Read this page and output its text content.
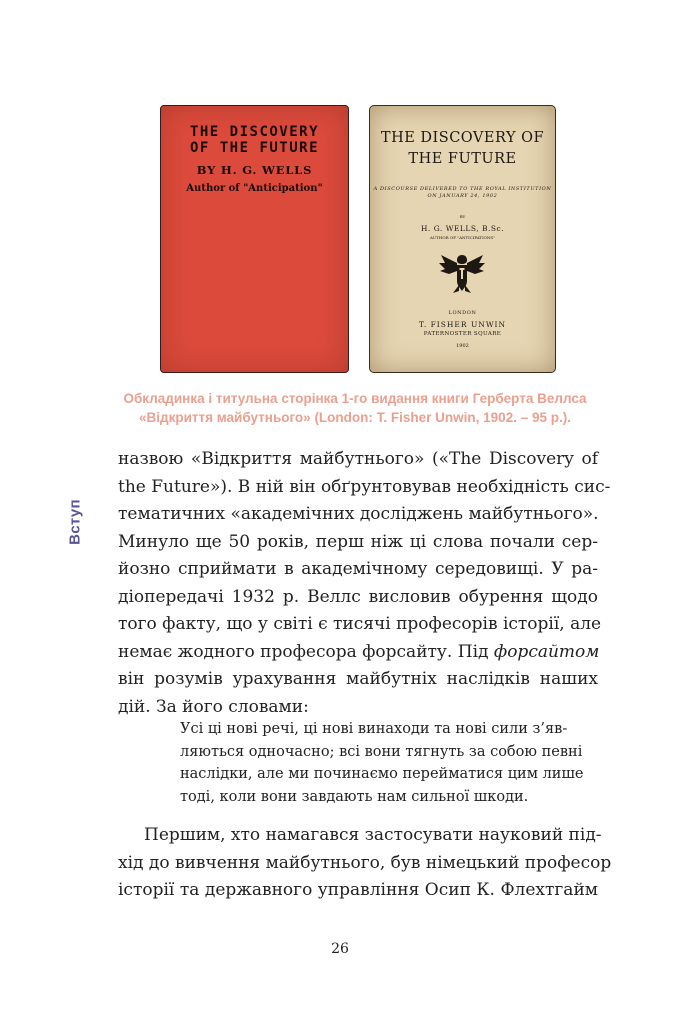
Вступ
THE DISCOVERY
OF THE FUTURE
BY H. G. WELLS
Author of "Anticipation"
THE DISCOVERY OF
THE FUTURE
A DISCOURSE DELIVERED TO THE ROYAL INSTITUTION
ON JANUARY 24, 1902
BY
H. G. WELLS, B.Sc.
AUTHOR OF "ANTICIPATIONS"
LONDON
T. FISHER UNWIN
PATERNOSTER SQUARE
1902
Обкладинка і титульна сторінка 1-го видання книги Герберта Веллса
«Відкриття майбутнього» (London: T. Fisher Unwin, 1902. – 95 p.).
назвою «Відкриття майбутнього» («The Discovery of
the Future»). В ній він обґрунтовував необхідність сис-
тематичних «академічних досліджень майбутнього».
Минуло ще 50 років, перш ніж ці слова почали сер-
йозно сприймати в академічному середовищі. У ра-
діопередачі 1932 р. Веллс висловив обурення щодо
того факту, що у світі є тисячі професорів історії, але
немає жодного професора форсайту. Під форсайтом
він розумів урахування майбутніх наслідків наших
дій. За його словами:
Усі ці нові речі, ці нові винаходи та нові сили з’яв-
ляються одночасно; всі вони тягнуть за собою певні
наслідки, але ми починаємо перейматися цим лише
тоді, коли вони завдають нам сильної шкоди.
Першим, хто намагався застосувати науковий під-
хід до вивчення майбутнього, був німецький професор
історії та державного управління Осип К. Флехтгайм
26
